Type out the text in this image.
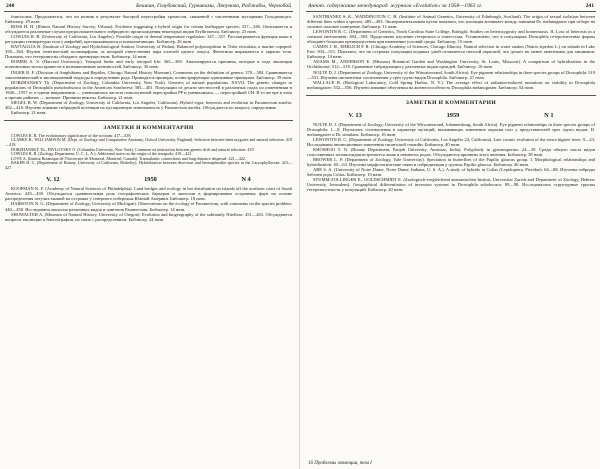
240	Бешкин, Голубовский, Гурвиками, Ляпунова, Раджабы, Чернобай

franciscana. Продолжается, что он возник в результате быстрой перестройки хромосом, связанной с численными мутациями Гольдшмидта. Библиогр. 29 назв.

ROSS H. H. (Illinois Natural History Survey, Urbana). Evidence suggesting a hybrid origin for certain leafhopper species: 337—346. Описывается и обсуждается различные случаи предположительного гибридного происхождения некоторых видов Erythroneura. Библиогр. 23 назв.

COWLES R. B. (University of California, Los Angeles). Possible origin of dermal temperature regulation: 347—357. Рассматривается функция кожи в регуляции температуры тела у амфибий, пресмыкающихся и млекопитающих. Библиогр. 26 назв.

BATTAGLIA B. (Institute of Zoology and Hydrobiological Station, University of Padua). Balanced polymorphism in Tisbe reticulata, a marine copepod: 358—364. Изучен генетический полиморфизм, за который ответственна пара аллелей одного локуса. Фенотипы выражаются в окраске тела. Показано, что гетерозиготы обладают преимуществом. Библиогр. 14 назв.

ROMER A. S. (Harvard University). Tetrapod limbs and early tetrapod life: 365—369. Анализируются причины, которые в ходе эволюции позвоночных могли привести к возникновению конечностей. Библиогр. 30 назв.

INGER R. F. (Division of Amphibians and Reptiles, Chicago Natural History Museum). Comments on the definition of genera: 370—384. Сравнивается таксономический и эволюционный подходы к определению рода. Приводятся примеры, иллюстрирующие адаптивные принципы. Библиогр. 39 назв.

DOBZHANSKY Th. (Department of Zoology, Columbia University, New York). Genetics of natural populations. XXVII. The genetic changes in populations of Drosophila pseudoobscura in the American Southwest: 385—401. Популяции из десяти местностей в различных годах по изменениям в 1940—1957 гг. в одном направлении — уменьшилась частота гомологичной перестройки PP и уменьшилась — перестройкой СН. В то же вре в этом и прочих районах — меньше. Причины неясны. Библиогр. 21 назв.

SIEGEL R. W. (Department of Zoology, University of California, Los Angeles, California). Hybrid vigor, heterosis and evolution in Paramecium aurelia: 402—416. Изучено влияние гибридной потенции на мутационную изменчивость у Paramecium aurelia. Обсуждается по вопросу определения.

Библиогр. 21 назв.

ЗАМЕТКИ И КОММЕНТАРИИ

COWLES R. B. The evolutionary significance of the scrotum: 417—418.

CLARKE B., WILLIAMSON M. (Dept. of Zoology and Comparative Anatomy, Oxford University, England). Selection between heterozygotes and natural selection: 418—419.

DOBZHANSKY Th., PAVLOVSKY O. (Columbia University, New York). Comment on interaction between genetic drift and natural selection: 419.

COWLES R. B. (Zoology Department, U. C. L. A.). Additional notes on the origin of the tetrapods: 419—421.

LOVE A. (Institut Botanique de l'Universite de Montreal, Montreal, Canada). Transatlantic connections and long-distance dispersal: 421—422.

BAKER H. G. (Department of Botany, University of California, Berkeley). Hybridization between dioecious and hermaphrodite species in the Caryophyllaceae: 423—427.

V. 12	1958	N 4

KOOPMAN K. F. (Academy of Natural Sciences of Philadelphia). Land bridges and ecology in bat distribution on islands off the northern coast of South America: 429—439. Обсуждается сравнительная роль географических барьеров и экологии в формировании островных фаун на основе распределения летучих мышей на островах у северного побережья Южной Америки. Библиогр. 18 назв.

HAIRSTON N. G. (Department of Zoology, University of Michigan). Observations on the ecology of Paramecium, with comments on the species problem: 440—450. Исследована экология различных видов и сингенов Paramecium. Библиогр. 14 назв.

SHOWALTER A. (Museum of Natural History, University of Oregon). Evolution and biogeography of the subfamily Nitelleae: 451—463. Обсуждаются вопросы эволюции и биогеографии, их связь с распределением. Библиогр. 24 назв.

Аннот. содержание международ. журнала «Evolution» за 1958—1963 гг.	241

SANTIBANEZ S. K., WADDINGTON C. H. (Institute of Animal Genetics, University of Edinburgh, Scotland). The origin of sexual isolation between different lines within a species: 485—493. Экспериментальным путем показано, что изоляция возникает между линиями Dr. melanogaster при отборе на сильное половое поведение. Библиогр. 11 назв.

LEWONTIN R. C. (Department of Genetics, North Carolina State College, Raleigh). Studies on heterozygosity and homeostasis. II. Loss of heterosis in a constant environment: 494—503. Продолжено изучение гетерозиса и гомеостаза. Установлено, что в популяциях Drosophila гетерозиготные формы обладают большим преимуществом при изменении условий среды. Библиогр. 15 назв.

CAMIN J. H., EHRLICH P. R. (Chicago Academy of Sciences, Chicago Illinois). Natural selection in water snakes (Natrix sipedon L.) on islands in Lake Erie: 504—511. Показано, что на островах популяции водяных ужей отличаются светлой окраской, что делает их менее заметными для хищников. Библиогр. 14 назв.

ADAMS M., ANDERSON E. (Missouri Botanical Garden and Washington University, St. Louis, Missouri). A comparison of hybridization in the Orchidaceae: 512—518. Сравнение гибридизации у различных видов орхидей. Библиогр. 16 назв.

NOLTE D. J. (Department of Zoology, University of the Witwatersrand, South Africa). Eye pigment relationships in three species groups of Drosophila: 519—531. Изучены пигментные соотношения у трёх групп видов Drosophila. Библиогр. 27 назв.

WALLACE B. (Biological Laboratory, Cold Spring Harbor, N. Y.). The average effect of radiation-induced mutations on viability in Drosophila melanogaster: 532—556. Изучено влияние облучения на жизнеспособность Drosophila melanogaster. Библиогр. 54 назв.

ЗАМЕТКИ И КОММЕНТАРИИ
V. 13	1959	N 1

NOLTE D. J. (Department of Zoology, University of the Witwatersrand, Johannesburg, South Africa). Eye pigment relationships in three species groups of Drosophila: 1—8. Изучались соотношения в характере мутаций, вызывающих изменение окраски глаз у представителей трех групп видов: D. melanogaster и Dr. simulans. Библиогр. 16 назв.

LEWONTIN R. C. (Department of Zoology, University of California, Los Angeles 24, California). Late cosmic evolution of the sierra bigtree trees: 9—23. Исследованы эволюционные изменения гигантской секвойи. Библиогр. 40 назв.

KHOSHOO T. N. (Botany Department, Panjab University, Amritsar, India). Polyploidy in gymnosperms: 24—39. Среди общего числа видов голосеменных полиплоидия встречается лишь в немногих родах. Обсуждаются причины этого явления. Библиогр. 58 назв.

BROWER L. P. (Department of Zoology, Yale University). Speciation in butterflies of the Papilio glaucus group. I. Morphological relationships and hybridization: 40—63. Изучены морфологические связи и гибридизация у группы Papilio glaucus. Библиогр. 46 назв.

ABE S. A. (University of Notre Dame, Notre Dame, Indiana, U. S. A.). A study of hybrids in Colias (Lepidoptera, Pieridae): 64—88. Изучены гибриды бабочек рода Colias. Библиогр. 19 назв.

STUMM-ZOLLINGER E., GOLDSCHMIDT E. (Zoologisch-vergleichend anatomischen Institut, Universitat Zurich and Department of Zoology, Hebrew University, Jerusalem). Geographical differentiation of inversion systems in Drosophila subobscura: 89—98. Исследовались структурные группы гетерозиготности у популяций. Библиогр. 20 назв.

16 Проблемы эволюции, том I
